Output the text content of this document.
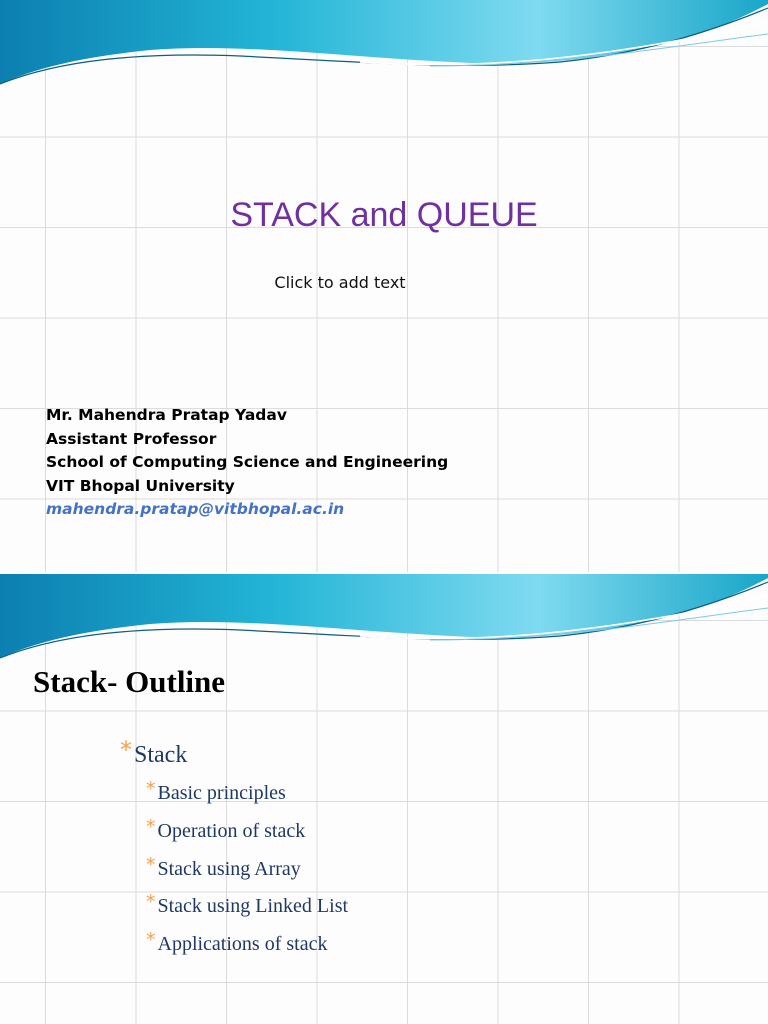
STACK and QUEUE
Click to add text
Mr. Mahendra Pratap Yadav
Assistant Professor
School of Computing Science and Engineering
VIT Bhopal University
mahendra.pratap@vitbhopal.ac.in
Stack- Outline
*Stack
* Basic principles
* Operation of stack
* Stack using Array
* Stack using Linked List
* Applications of stack
